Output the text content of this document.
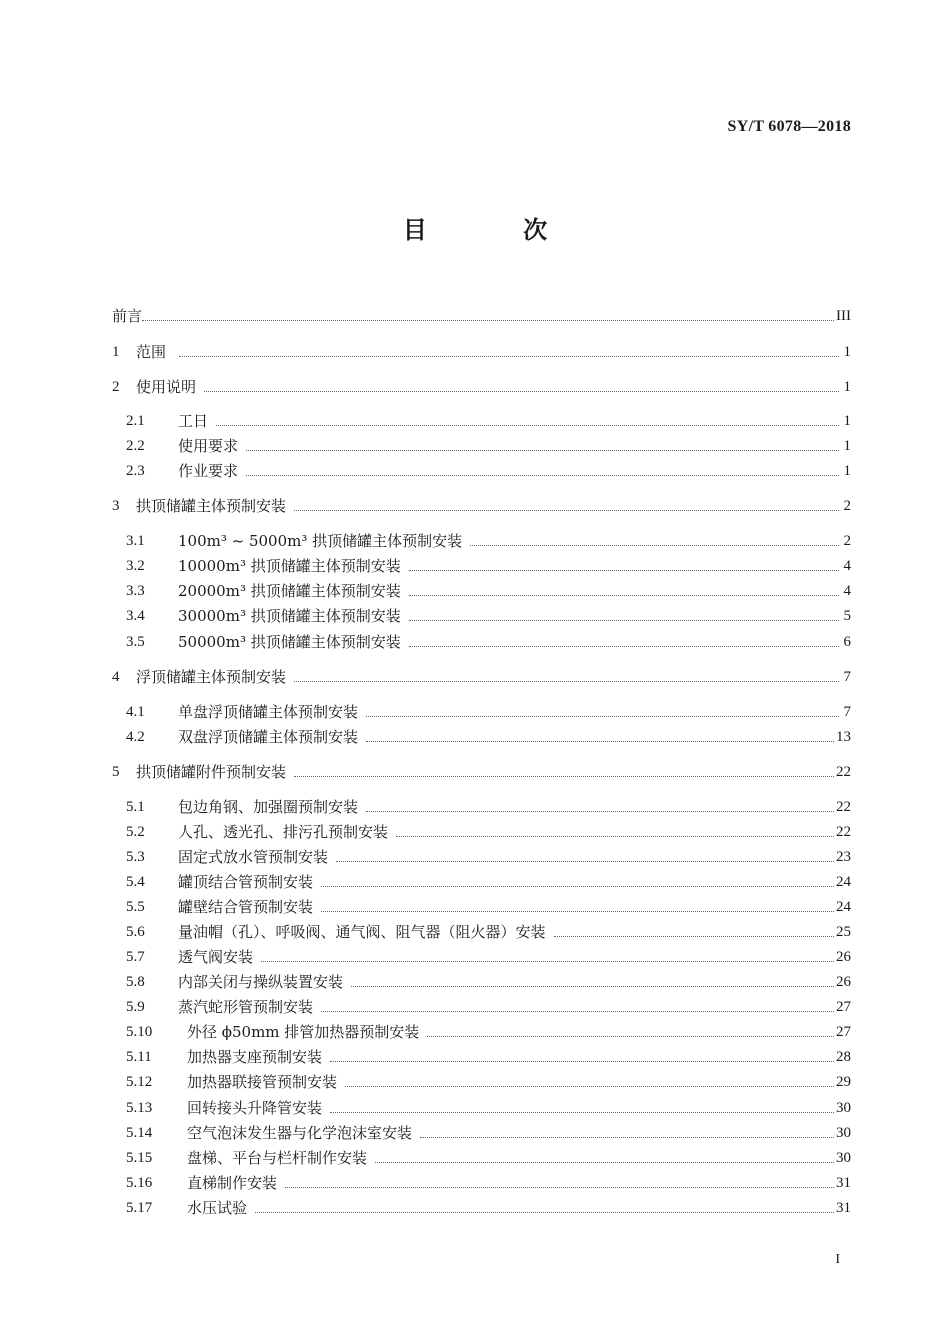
SY/T 6078—2018
目 次
前言	III
1	范围	1
2	使用说明	1
2.1	工日	1
2.2	使用要求	1
2.3	作业要求	1
3	拱顶储罐主体预制安装	2
3.1	100m³ ~ 5000m³ 拱顶储罐主体预制安装	2
3.2	10000m³ 拱顶储罐主体预制安装	4
3.3	20000m³ 拱顶储罐主体预制安装	4
3.4	30000m³ 拱顶储罐主体预制安装	5
3.5	50000m³ 拱顶储罐主体预制安装	6
4	浮顶储罐主体预制安装	7
4.1	单盘浮顶储罐主体预制安装	7
4.2	双盘浮顶储罐主体预制安装	13
5	拱顶储罐附件预制安装	22
5.1	包边角钢、加强圈预制安装	22
5.2	人孔、透光孔、排污孔预制安装	22
5.3	固定式放水管预制安装	23
5.4	罐顶结合管预制安装	24
5.5	罐壁结合管预制安装	24
5.6	量油帽（孔）、呼吸阀、通气阀、阻气器（阻火器）安装	25
5.7	透气阀安装	26
5.8	内部关闭与操纵装置安装	26
5.9	蒸汽蛇形管预制安装	27
5.10	外径 ϕ50mm 排管加热器预制安装	27
5.11	加热器支座预制安装	28
5.12	加热器联接管预制安装	29
5.13	回转接头升降管安装	30
5.14	空气泡沫发生器与化学泡沫室安装	30
5.15	盘梯、平台与栏杆制作安装	30
5.16	直梯制作安装	31
5.17	水压试验	31
I
